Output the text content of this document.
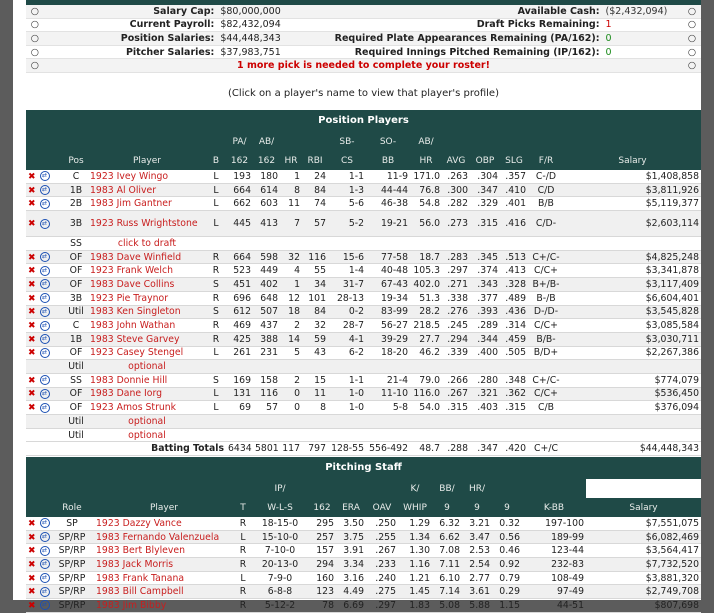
○	Salary Cap:	$80,000,000	Available Cash:	($2,432,094)	○
○	Current Payroll:	$82,432,094	Draft Picks Remaining:	1	○
○	Position Salaries:	$44,448,343	Required Plate Appearances Remaining (PA/162):	0	○
○	Pitcher Salaries:	$37,983,751	Required Innings Pitched Remaining (IP/162):	0	○
○	1 more pick is needed to complete your roster!				○
(Click on a player's name to view that player's profile)
Position Players
				PA/	AB/			SB-	SO-	AB/					
	Pos	Player	B	162	162	HR	RBI	CS	BB	HR	AVG	OBP	SLG	F/R	Salary
✖ ⇄	C	1923 Ivey Wingo	L	193	180	1	24	1-1	11-9	171.0	.263	.304	.357	C-/D	$1,408,858
✖ ⇄	1B	1983 Al Oliver	L	664	614	8	84	1-3	44-44	76.8	.300	.347	.410	C/D	$3,811,926
✖ ⇄	2B	1983 Jim Gantner	L	662	603	11	74	5-6	46-38	54.8	.282	.329	.401	B/B	$5,119,377
✖ ⇄	3B	1923 Russ Wrightstone	L	445	413	7	57	5-2	19-21	56.0	.273	.315	.416	C/D-	$2,603,114
	SS	click to draft													
✖ ⇄	OF	1983 Dave Winfield	R	664	598	32	116	15-6	77-58	18.7	.283	.345	.513	C+/C-	$4,825,248
✖ ⇄	OF	1923 Frank Welch	R	523	449	4	55	1-4	40-48	105.3	.297	.374	.413	C/C+	$3,341,878
✖ ⇄	OF	1983 Dave Collins	S	451	402	1	34	31-7	67-43	402.0	.271	.343	.328	B+/B-	$3,117,409
✖ ⇄	3B	1923 Pie Traynor	R	696	648	12	101	28-13	19-34	51.3	.338	.377	.489	B-/B	$6,604,401
✖ ⇄	Util	1983 Ken Singleton	S	612	507	18	84	0-2	83-99	28.2	.276	.393	.436	D-/D-	$3,545,828
✖ ⇄	C	1983 John Wathan	R	469	437	2	32	28-7	56-27	218.5	.245	.289	.314	C/C+	$3,085,584
✖ ⇄	1B	1983 Steve Garvey	R	425	388	14	59	4-1	39-29	27.7	.294	.344	.459	B/B-	$3,030,711
✖ ⇄	OF	1923 Casey Stengel	L	261	231	5	43	6-2	18-20	46.2	.339	.400	.505	B/D+	$2,267,386
	Util	optional													
✖ ⇄	SS	1983 Donnie Hill	S	169	158	2	15	1-1	21-4	79.0	.266	.280	.348	C+/C-	$774,079
✖ ⇄	OF	1983 Dane Iorg	L	131	116	0	11	1-0	11-10	116.0	.267	.321	.362	C/C+	$536,450
✖ ⇄	OF	1923 Amos Strunk	L	69	57	0	8	1-0	5-8	54.0	.315	.403	.315	C/B	$376,094
	Util	optional													
	Util	optional													
Batting Totals				6434	5801	117	797	128-55	556-492	48.7	.288	.347	.420	C+/C	$44,448,343
Pitching Staff
				IP/				K/	BB/	HR/			
	Role	Player	T	W-L-S	162	ERA	OAV	WHIP	9	9	9	K-BB	Salary
✖ ⇄	SP	1923 Dazzy Vance	R	18-15-0	295	3.50	.250	1.29	6.32	3.21	0.32	197-100	$7,551,075
✖ ⇄	SP/RP	1983 Fernando Valenzuela	L	15-10-0	257	3.75	.255	1.34	6.62	3.47	0.56	189-99	$6,082,469
✖ ⇄	SP/RP	1983 Bert Blyleven	R	7-10-0	157	3.91	.267	1.30	7.08	2.53	0.46	123-44	$3,564,417
✖ ⇄	SP/RP	1983 Jack Morris	R	20-13-0	294	3.34	.233	1.16	7.11	2.54	0.92	232-83	$7,732,520
✖ ⇄	SP/RP	1983 Frank Tanana	L	7-9-0	160	3.16	.240	1.21	6.10	2.77	0.79	108-49	$3,881,320
✖ ⇄	SP/RP	1983 Bill Campbell	R	6-8-8	123	4.49	.275	1.45	7.14	3.61	0.29	97-49	$2,749,708
✖ ⇄	SP/RP	1983 Jim Bibby	R	5-12-2	78	6.69	.297	1.83	5.08	5.88	1.15	44-51	$807,698
